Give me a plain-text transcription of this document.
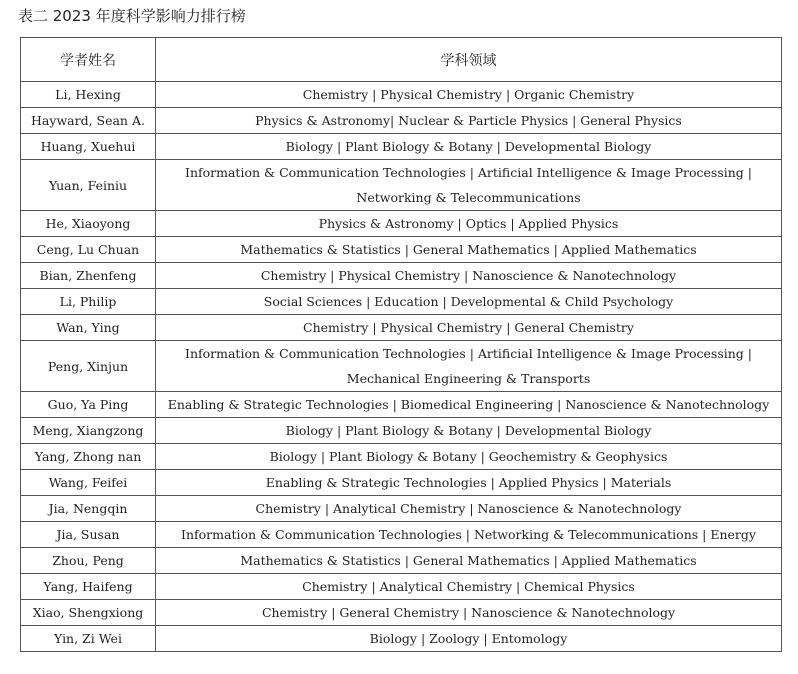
表二 2023 年度科学影响力排行榜
学者姓名	学科领域
Li, Hexing	Chemistry | Physical Chemistry | Organic Chemistry
Hayward, Sean A.	Physics & Astronomy| Nuclear & Particle Physics | General Physics
Huang, Xuehui	Biology | Plant Biology & Botany | Developmental Biology
Yuan, Feiniu	Information & Communication Technologies | Artificial Intelligence & Image Processing | Networking & Telecommunications
He, Xiaoyong	Physics & Astronomy | Optics | Applied Physics
Ceng, Lu Chuan	Mathematics & Statistics | General Mathematics | Applied Mathematics
Bian, Zhenfeng	Chemistry | Physical Chemistry | Nanoscience & Nanotechnology
Li, Philip	Social Sciences | Education | Developmental & Child Psychology
Wan, Ying	Chemistry | Physical Chemistry | General Chemistry
Peng, Xinjun	Information & Communication Technologies | Artificial Intelligence & Image Processing | Mechanical Engineering & Transports
Guo, Ya Ping	Enabling & Strategic Technologies | Biomedical Engineering | Nanoscience & Nanotechnology
Meng, Xiangzong	Biology | Plant Biology & Botany | Developmental Biology
Yang, Zhong nan	Biology | Plant Biology & Botany | Geochemistry & Geophysics
Wang, Feifei	Enabling & Strategic Technologies | Applied Physics | Materials
Jia, Nengqin	Chemistry | Analytical Chemistry | Nanoscience & Nanotechnology
Jia, Susan	Information & Communication Technologies | Networking & Telecommunications | Energy
Zhou, Peng	Mathematics & Statistics | General Mathematics | Applied Mathematics
Yang, Haifeng	Chemistry | Analytical Chemistry | Chemical Physics
Xiao, Shengxiong	Chemistry | General Chemistry | Nanoscience & Nanotechnology
Yin, Zi Wei	Biology | Zoology | Entomology
